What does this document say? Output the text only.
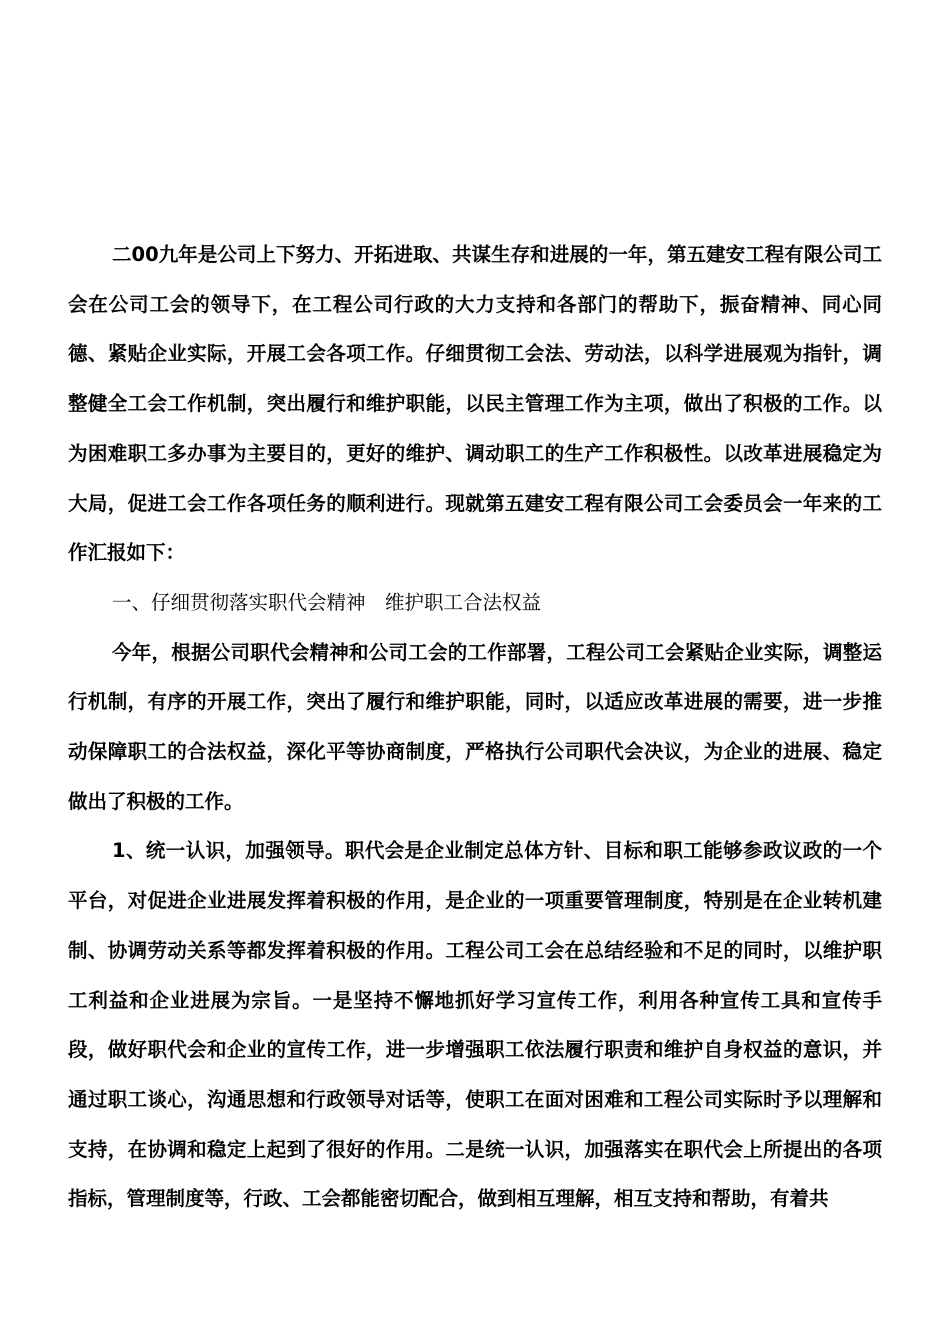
二00九年是公司上下努力、开拓进取、共谋生存和进展的一年，第五建安工程有限公司工会在公司工会的领导下，在工程公司行政的大力支持和各部门的帮助下，振奋精神、同心同德、紧贴企业实际，开展工会各项工作。仔细贯彻工会法、劳动法，以科学进展观为指针，调整健全工会工作机制，突出履行和维护职能，以民主管理工作为主项，做出了积极的工作。以为困难职工多办事为主要目的，更好的维护、调动职工的生产工作积极性。以改革进展稳定为大局，促进工会工作各项任务的顺利进行。现就第五建安工程有限公司工会委员会一年来的工作汇报如下：

一、仔细贯彻落实职代会精神　维护职工合法权益

今年，根据公司职代会精神和公司工会的工作部署，工程公司工会紧贴企业实际，调整运行机制，有序的开展工作，突出了履行和维护职能，同时，以适应改革进展的需要，进一步推动保障职工的合法权益，深化平等协商制度，严格执行公司职代会决议，为企业的进展、稳定做出了积极的工作。

1、统一认识，加强领导。职代会是企业制定总体方针、目标和职工能够参政议政的一个平台，对促进企业进展发挥着积极的作用，是企业的一项重要管理制度，特别是在企业转机建制、协调劳动关系等都发挥着积极的作用。工程公司工会在总结经验和不足的同时，以维护职工利益和企业进展为宗旨。一是坚持不懈地抓好学习宣传工作，利用各种宣传工具和宣传手段，做好职代会和企业的宣传工作，进一步增强职工依法履行职责和维护自身权益的意识，并通过职工谈心，沟通思想和行政领导对话等，使职工在面对困难和工程公司实际时予以理解和支持，在协调和稳定上起到了很好的作用。二是统一认识，加强落实在职代会上所提出的各项指标，管理制度等，行政、工会都能密切配合，做到相互理解，相互支持和帮助，有着共
